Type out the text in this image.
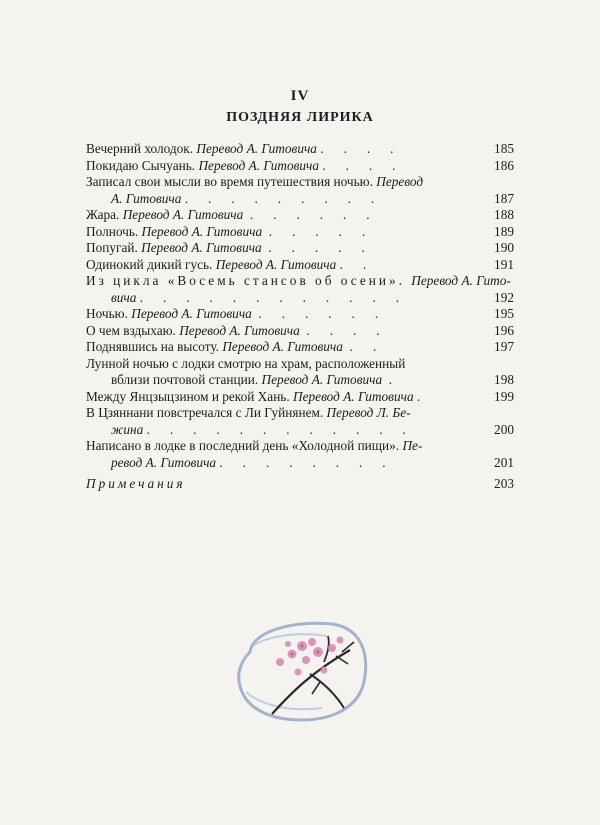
IV
ПОЗДНЯЯ ЛИРИКА
Вечерний холодок. Перевод А. Гитовича .      .      .      .	185
Покидаю Сычуань. Перевод А. Гитовича .      .      .      .	186
Записал свои мысли во время путешествия ночью. Перевод
А. Гитовича .      .      .      .      .      .      .      .      .	187
Жара. Перевод А. Гитовича  .      .      .      .      .      .	188
Полночь. Перевод А. Гитовича  .      .      .      .      .	189
Попугай. Перевод А. Гитовича  .      .      .      .      .	190
Одинокий дикий гусь. Перевод А. Гитовича .      .	191
Из цикла «Восемь стансов об осени». Перевод А. Гито-
вича .      .      .      .      .      .      .      .      .      .      .      .	192
Ночью. Перевод А. Гитовича  .      .      .      .      .      .	195
О чем вздыхаю. Перевод А. Гитовича  .      .      .      .	196
Поднявшись на высоту. Перевод А. Гитовича  .      .	197
Лунной ночью с лодки смотрю на храм, расположенный
вблизи почтовой станции. Перевод А. Гитовича  .	198
Между Янцзыцзином и рекой Хань. Перевод А. Гитовича .	199
В Цзяннани повстречался с Ли Гуйнянем. Перевод Л. Бе-
жина .      .      .      .      .      .      .      .      .      .      .      .	200
Написано в лодке в последний день «Холодной пищи». Пе-
ревод А. Гитовича .      .      .      .      .      .      .      .	201
Примечания	203
